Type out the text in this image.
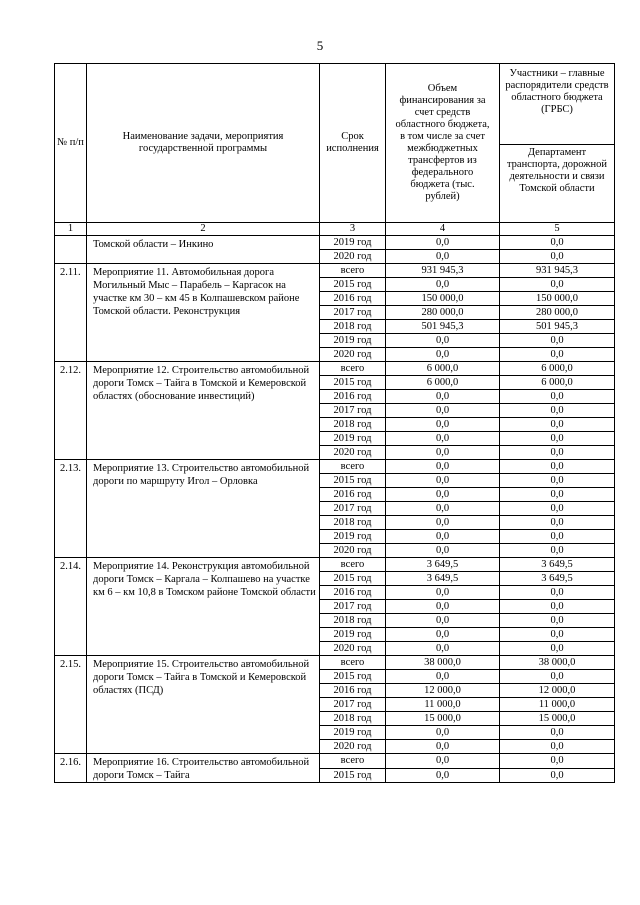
5
№ п/п	Наименование задачи, мероприятия государственной программы	Срок исполнения	Объем финансирования за счет средств областного бюджета, в том числе за счет межбюджетных трансфертов из федерального бюджета (тыс. рублей)	Участники – главные распорядители средств областного бюджета (ГРБС)
				Департамент транспорта, дорожной деятельности и связи Томской области
1	2	3	4	5
	Томской области – Инкино	2019 год	0,0	0,0
		2020 год	0,0	0,0
2.11.	Мероприятие 11. Автомобильная дорога Могильный Мыс – Парабель – Каргасок на участке км 30 – км 45 в Колпашевском районе Томской области. Реконструкция	всего	931 945,3	931 945,3
		2015 год	0,0	0,0
		2016 год	150 000,0	150 000,0
		2017 год	280 000,0	280 000,0
		2018 год	501 945,3	501 945,3
		2019 год	0,0	0,0
		2020 год	0,0	0,0
2.12.	Мероприятие 12. Строительство автомобильной дороги Томск – Тайга в Томской и Кемеровской областях (обоснование инвестиций)	всего	6 000,0	6 000,0
		2015 год	6 000,0	6 000,0
		2016 год	0,0	0,0
		2017 год	0,0	0,0
		2018 год	0,0	0,0
		2019 год	0,0	0,0
		2020 год	0,0	0,0
2.13.	Мероприятие 13. Строительство автомобильной дороги по маршруту Игол – Орловка	всего	0,0	0,0
		2015 год	0,0	0,0
		2016 год	0,0	0,0
		2017 год	0,0	0,0
		2018 год	0,0	0,0
		2019 год	0,0	0,0
		2020 год	0,0	0,0
2.14.	Мероприятие 14. Реконструкция автомобильной дороги Томск – Каргала – Колпашево на участке км 6 – км 10,8 в Томском районе Томской области	всего	3 649,5	3 649,5
		2015 год	3 649,5	3 649,5
		2016 год	0,0	0,0
		2017 год	0,0	0,0
		2018 год	0,0	0,0
		2019 год	0,0	0,0
		2020 год	0,0	0,0
2.15.	Мероприятие 15. Строительство автомобильной дороги Томск – Тайга в Томской и Кемеровской областях (ПСД)	всего	38 000,0	38 000,0
		2015 год	0,0	0,0
		2016 год	12 000,0	12 000,0
		2017 год	11 000,0	11 000,0
		2018 год	15 000,0	15 000,0
		2019 год	0,0	0,0
		2020 год	0,0	0,0
2.16.	Мероприятие 16. Строительство автомобильной дороги Томск – Тайга	всего	0,0	0,0
		2015 год	0,0	0,0
